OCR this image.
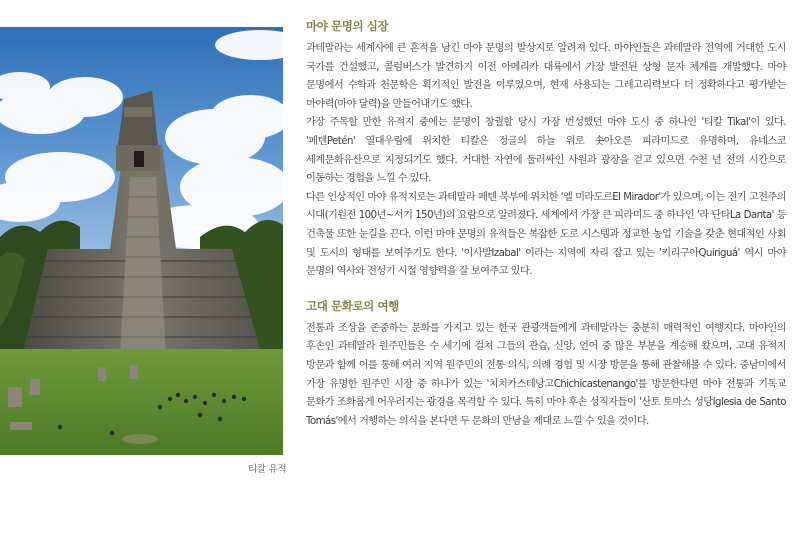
티칼 유적

마야 문명의 심장

과테말라는 세계사에 큰 흔적을 남긴 마야 문명의 발상지로 알려져 있다. 마야인들은 과테말라 전역에 거대한 도시 국가를 건설했고, 콜럼버스가 발견하기 이전 아메리카 대륙에서 가장 발전된 상형 문자 체계를 개발했다. 마야 문명에서 수학과 천문학은 획기적인 발전을 이루었으며, 현재 사용되는 그레고리력보다 더 정확하다고 평가받는 마야력(마야 달력)을 만들어내기도 했다.

가장 주목할 만한 유적지 중에는 문명이 창궐할 당시 가장 번성했던 마야 도시 중 하나인 '티칼 Tikal'이 있다. '페텐Petén' 열대우림에 위치한 티칼은 정글의 하늘 위로 솟아오른 피라미드로 유명하며, 유네스코 세계문화유산으로 지정되기도 했다. 거대한 자연에 둘러싸인 사원과 광장을 걷고 있으면 수천 년 전의 시간으로 이동하는 경험을 느낄 수 있다.

다른 인상적인 마야 유적지로는 과테말라 페텐 북부에 위치한 '엘 미라도르El Mirador'가 있으며, 이는 전기 고전주의 시대(기원전 100년~서기 150년)의 요람으로 알려졌다. 세계에서 가장 큰 피라미드 중 하나인 '라 단타La Danta' 등 건축물 또한 눈길을 끈다. 이런 마야 문명의 유적들은 복잡한 도로 시스템과 정교한 농업 기술을 갖춘 현대적인 사회 및 도시의 형태를 보여주기도 한다. '이사발Izabal' 이라는 지역에 자리 잡고 있는 '키리구아Quiriguá' 역시 마야 문명의 역사와 전성기 시절 영향력을 잘 보여주고 있다.

고대 문화로의 여행

전통과 조상을 존중하는 문화를 가지고 있는 한국 관광객들에게 과테말라는 충분히 매력적인 여행지다. 마야인의 후손인 과테말라 원주민들은 수 세기에 걸쳐 그들의 관습, 신앙, 언어 중 많은 부분을 계승해 왔으며, 고대 유적지 방문과 함께 이를 통해 여러 지역 원주민의 전통 의식, 의례 경험 및 시장 방문을 통해 관찰해볼 수 있다. 중남미에서 가장 유명한 원주민 시장 중 하나가 있는 '치치카스테낭고Chichicastenango'를 방문한다면 마야 전통과 기독교 문화가 조화롭게 어우러지는 광경을 목격할 수 있다. 특히 마야 후손 성직자들이 '산토 토마스 성당Iglesia de Santo Tomás'에서 거행하는 의식을 본다면 두 문화의 만남을 제대로 느낄 수 있을 것이다.
